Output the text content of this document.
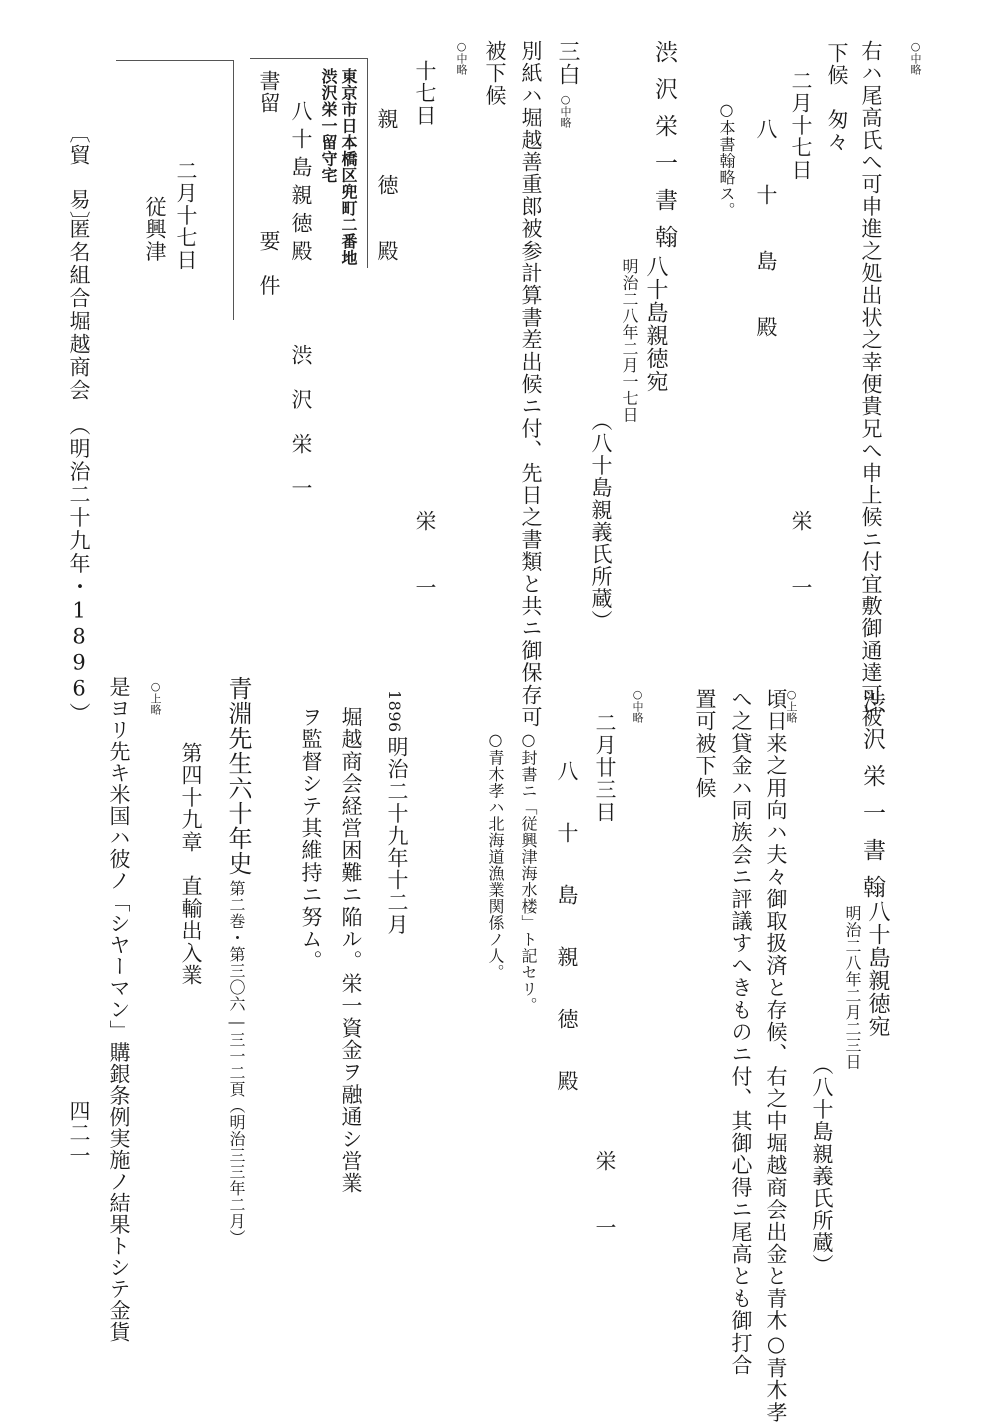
○中略
右ハ尾高氏へ可申進之処出状之幸便貴兄へ申上候ニ付宜敷御通達可被
下候　匆々
二月十七日
栄　　一
八　十　島　殿
○本書翰略ス。
渋沢栄一書翰
八十島親徳宛
明治二八年二月一七日
（八十島親義氏所蔵）
三白
○中略
別紙ハ堀越善重郎被参計算書差出候ニ付、先日之書類と共ニ御保存可
被下候
○中略
十七日
栄　　一
親　徳　殿
東京市日本橋区兜町二番地
渋沢栄一留守宅
書留
八十島親徳殿
要　件
渋　沢　栄　一
二月十七日
従興津
〔貿　易〕
匿名組合堀越商会　（明治二十九年・1896）
渋沢栄一書翰
八十島親徳宛
明治二八年二月二三日
（八十島親義氏所蔵）
○上略
頃日来之用向ハ夫々御取扱済と存候、右之中堀越商会出金と青木○青木孝
へ之貸金ハ同族会ニ評議すへきものニ付、其御心得ニ尾高とも御打合
置可被下候
○中略
二月廿三日
栄　　一
八　十　島　親　徳　殿
○封書ニ「従興津海水楼」ト記セリ。
○青木孝ハ北海道漁業関係ノ人。
1896
明治二十九年十二月
堀越商会経営困難ニ陥ル。栄一資金ヲ融通シ営業
ヲ監督シテ其維持ニ努ム。
青淵先生六十年史
第二巻・第三〇六―三一二頁（明治三三年二月）
第四十九章　直輸出入業
○上略
是ヨリ先キ米国ハ彼ノ「シヤーマン」購銀条例実施ノ結果トシテ金貨
四二一
